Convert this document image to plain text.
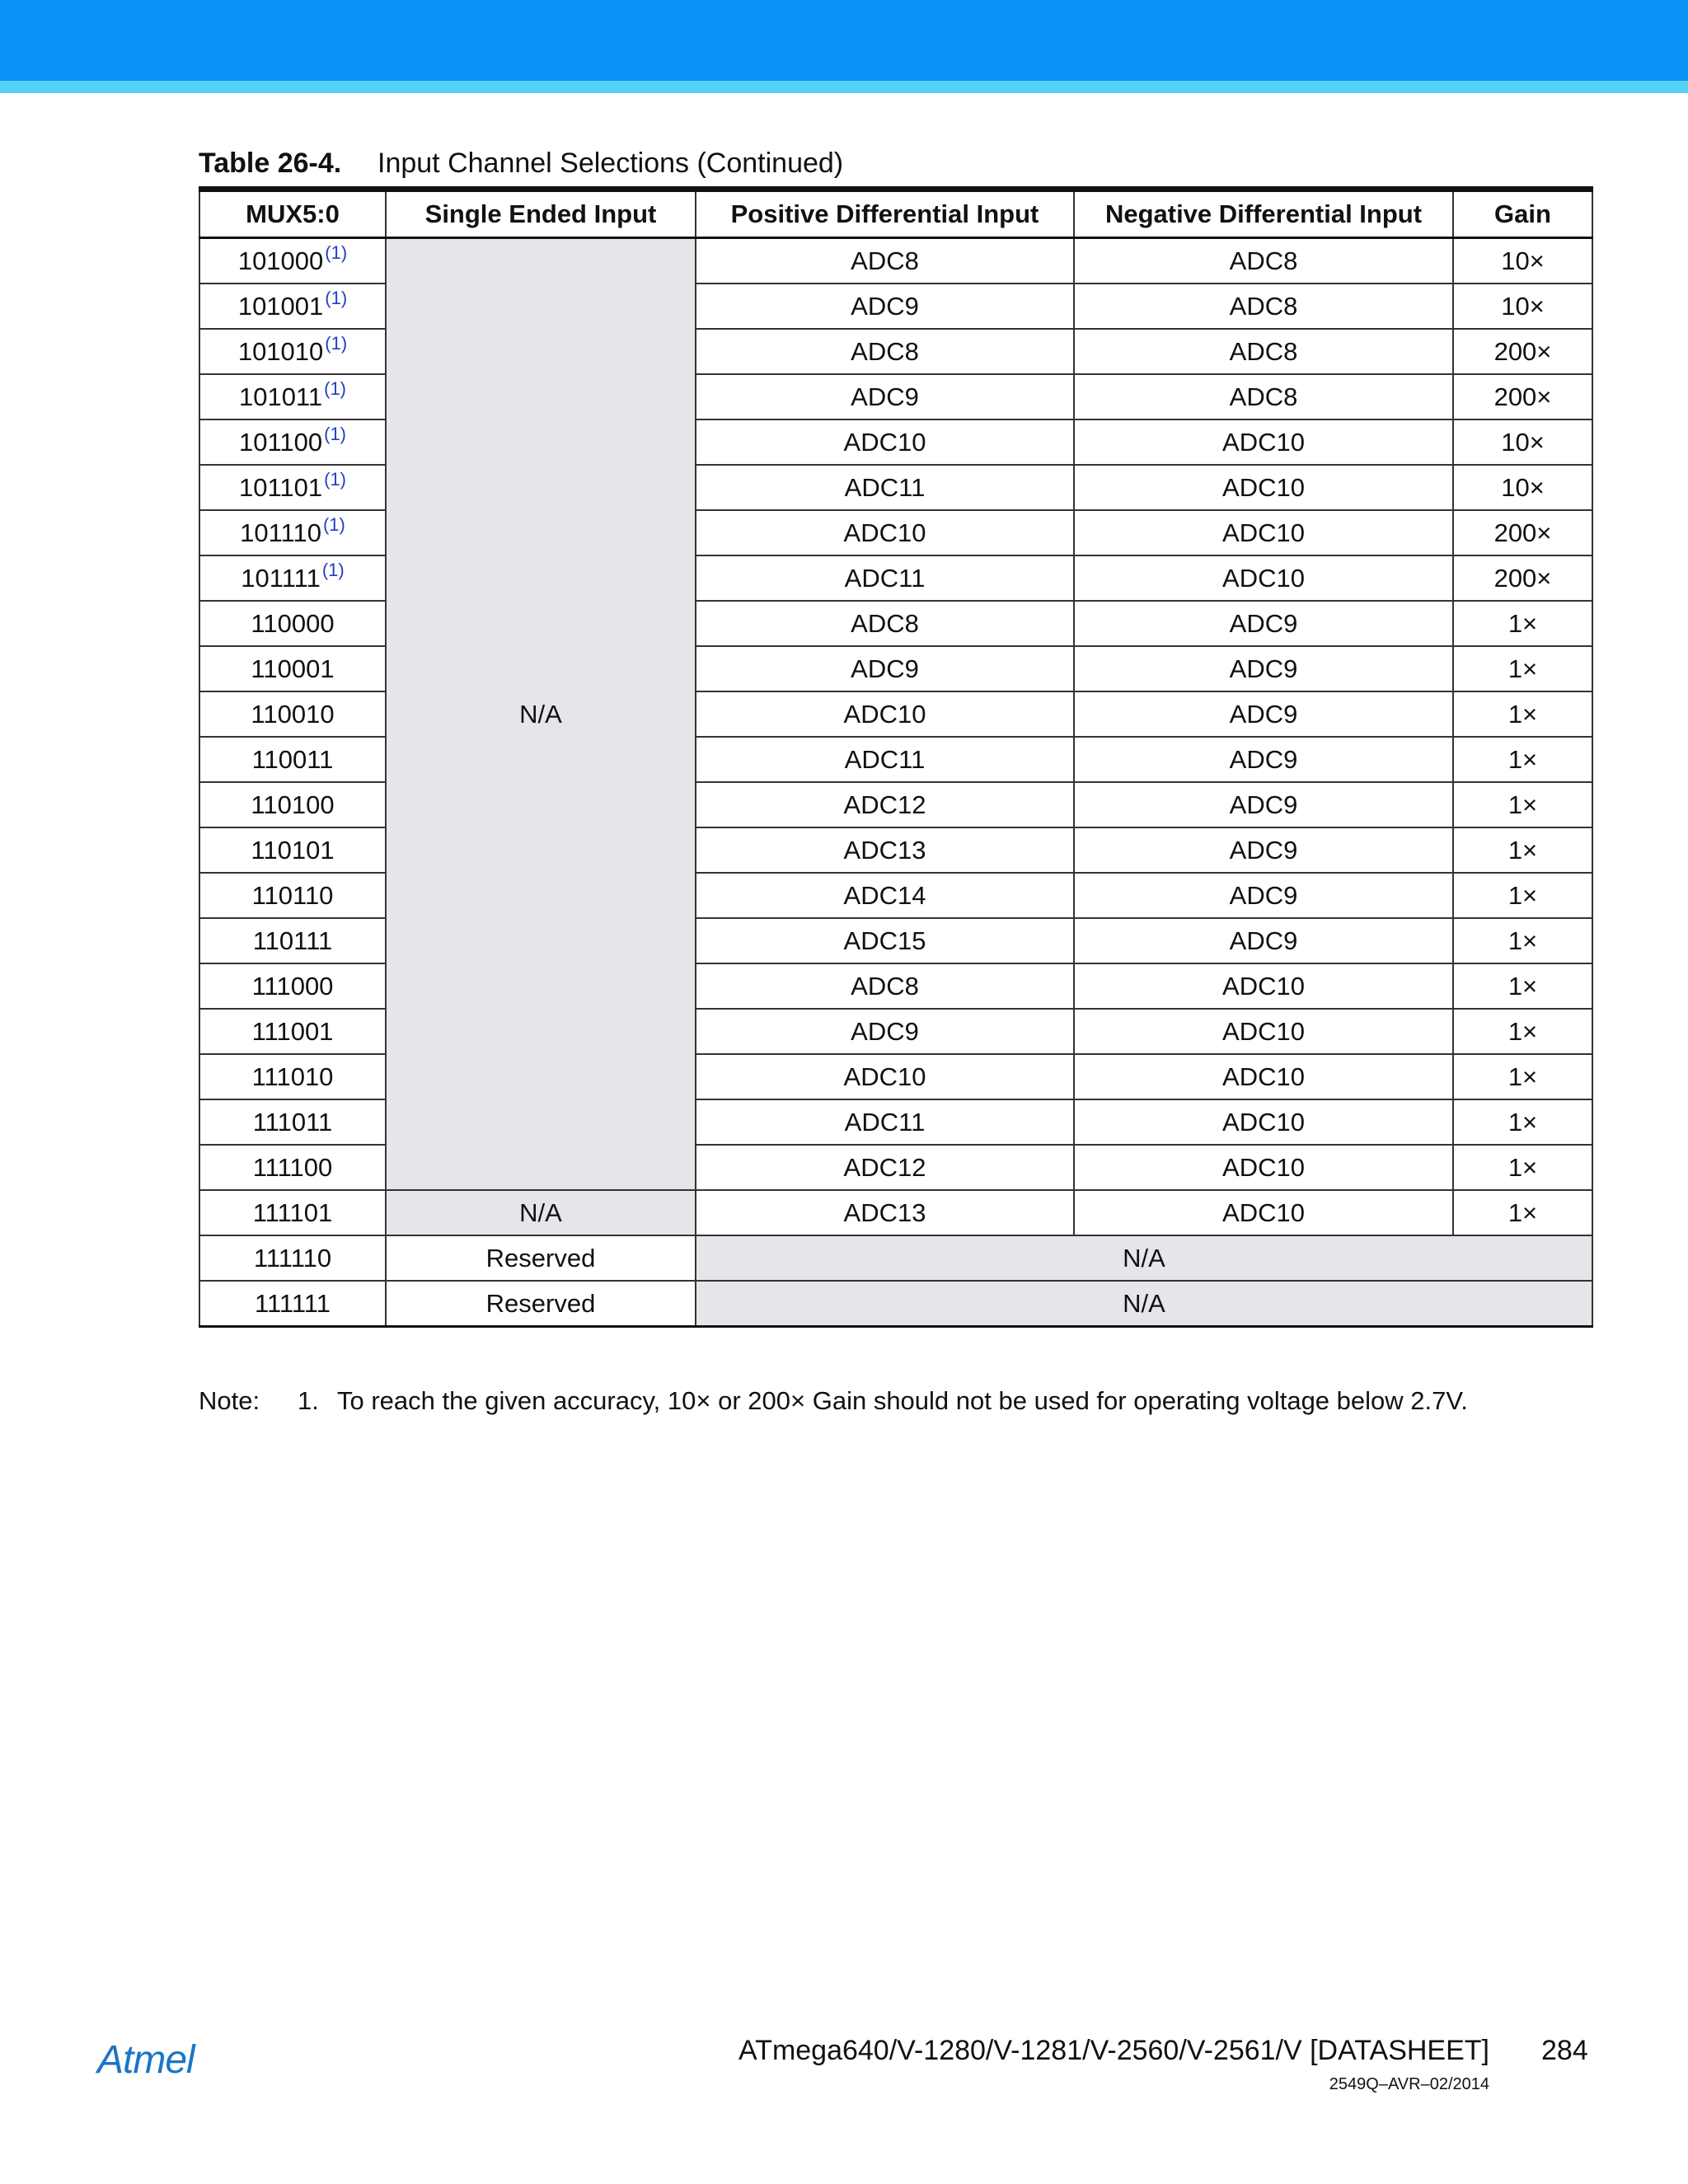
Table 26-4. Input Channel Selections (Continued)
MUX5:0	Single Ended Input	Positive Differential Input	Negative Differential Input	Gain
101000$^{(1)}$	N/A	ADC8	ADC8	10×
101001$^{(1)}$		ADC9	ADC8	10×
101010$^{(1)}$		ADC8	ADC8	200×
101011$^{(1)}$		ADC9	ADC8	200×
101100$^{(1)}$		ADC10	ADC10	10×
101101$^{(1)}$		ADC11	ADC10	10×
101110$^{(1)}$		ADC10	ADC10	200×
101111$^{(1)}$		ADC11	ADC10	200×
110000		ADC8	ADC9	1×
110001		ADC9	ADC9	1×
110010		ADC10	ADC9	1×
110011		ADC11	ADC9	1×
110100		ADC12	ADC9	1×
110101		ADC13	ADC9	1×
110110		ADC14	ADC9	1×
110111		ADC15	ADC9	1×
111000		ADC8	ADC10	1×
111001		ADC9	ADC10	1×
111010		ADC10	ADC10	1×
111011		ADC11	ADC10	1×
111100		ADC12	ADC10	1×
111101	N/A	ADC13	ADC10	1×
111110	Reserved	N/A		
111111	Reserved	N/A		
Note: 1. To reach the given accuracy, 10× or 200× Gain should not be used for operating voltage below 2.7V.
Atmel	ATmega640/V-1280/V-1281/V-2560/V-2561/V [DATASHEET] 284
2549Q–AVR–02/2014
